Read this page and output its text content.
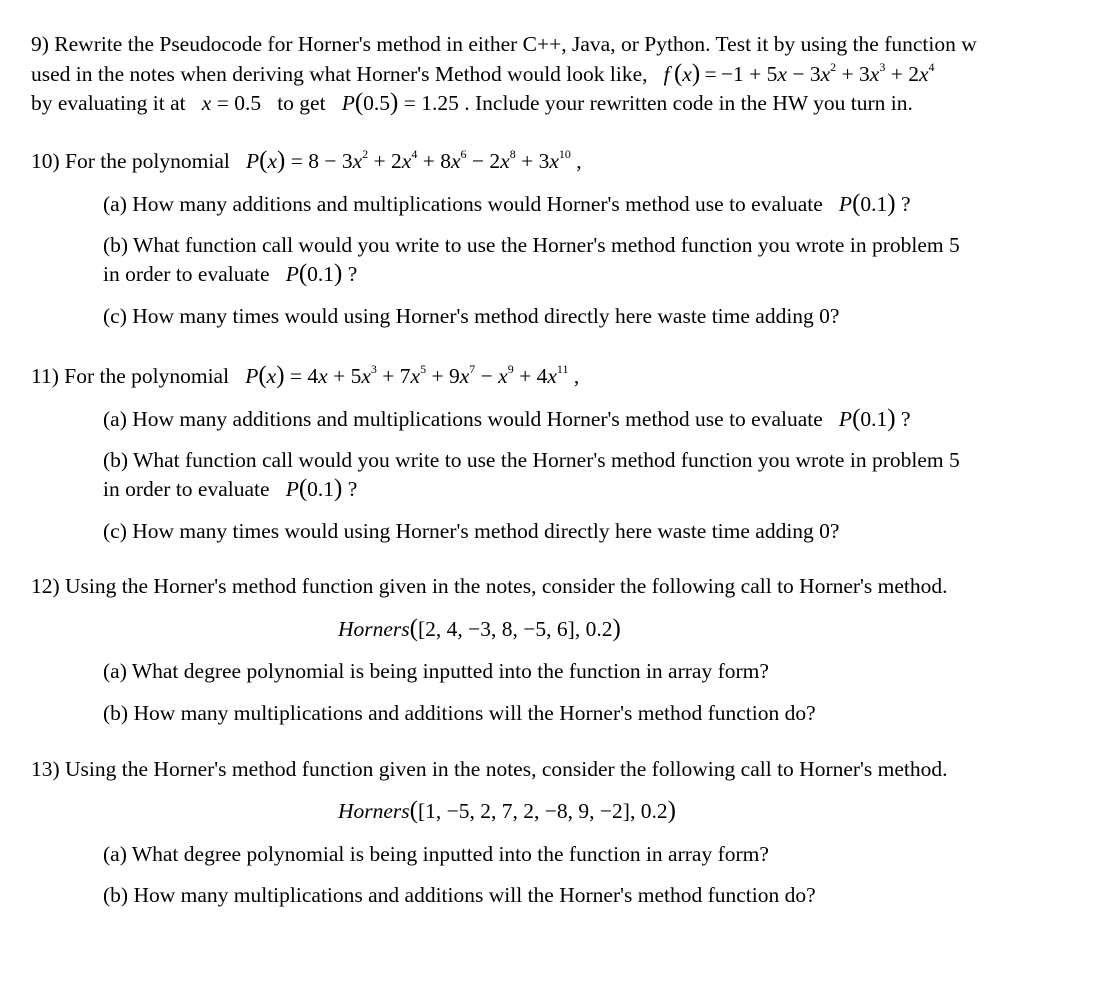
9) Rewrite the Pseudocode for Horner's method in either C++, Java, or Python. Test it by using the function w
used in the notes when deriving what Horner's Method would look like, f  $(x) = -1 + 5x - 3x^2 + 3x^3 + 2x^4$
by evaluating it at x = 0.5   to get P(0.5) = 1.25 . Include your rewritten code in the HW you turn in.
10) For the polynomial $P(x) = 8 - 3x^2 + 2x^4 + 8x^6 - 2x^8 + 3x^{10}$ ,
(a) How many additions and multiplications would Horner's method use to evaluate P(0.1) ?
(b) What function call would you write to use the Horner's method function you wrote in problem 5
in order to evaluate P(0.1) ?
(c) How many times would using Horner's method directly here waste time adding 0?
11) For the polynomial $P(x) = 4x + 5x^3 + 7x^5 + 9x^7 - x^9 + 4x^{11}$ ,
(a) How many additions and multiplications would Horner's method use to evaluate P(0.1) ?
(b) What function call would you write to use the Horner's method function you wrote in problem 5
in order to evaluate P(0.1) ?
(c) How many times would using Horner's method directly here waste time adding 0?
12) Using the Horner's method function given in the notes, consider the following call to Horner's method.
Horners([2, 4, −3, 8, −5, 6], 0.2)
(a) What degree polynomial is being inputted into the function in array form?
(b) How many multiplications and additions will the Horner's method function do?
13) Using the Horner's method function given in the notes, consider the following call to Horner's method.
Horners([1, −5, 2, 7, 2, −8, 9, −2], 0.2)
(a) What degree polynomial is being inputted into the function in array form?
(b) How many multiplications and additions will the Horner's method function do?
